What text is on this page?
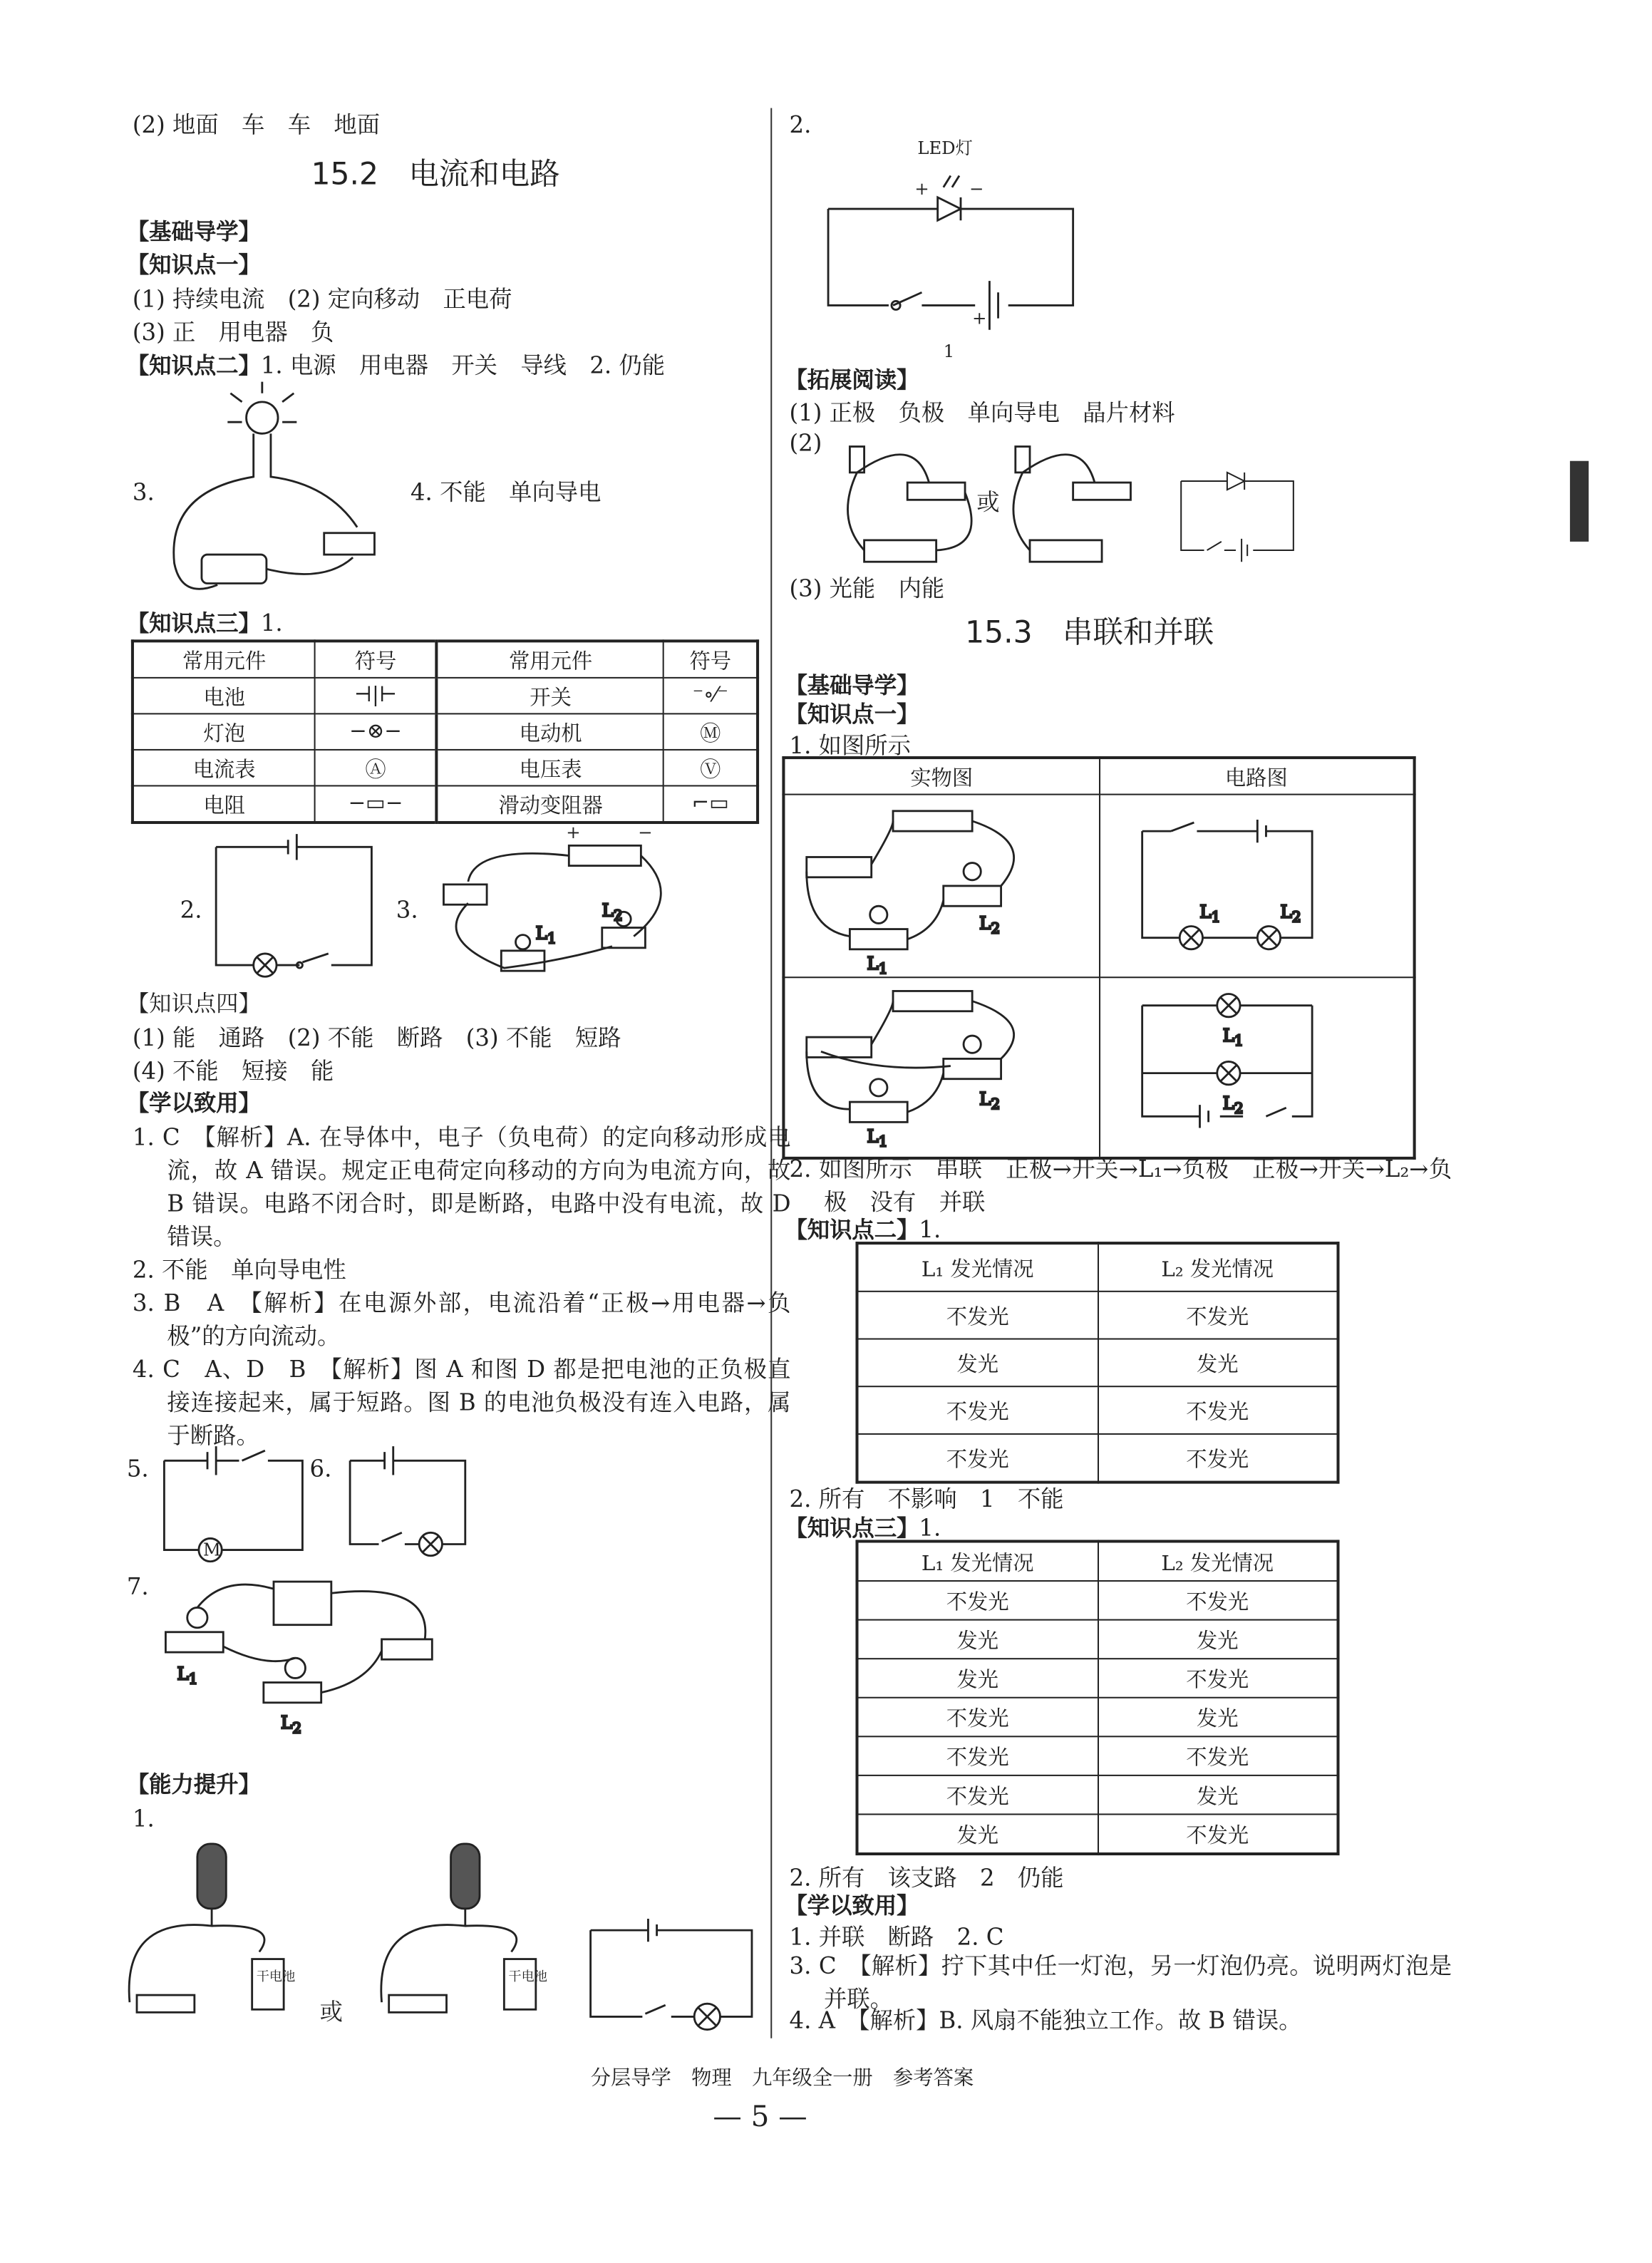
(2) 地面　车　车　地面
15.2　电流和电路
【基础导学】
【知识点一】
(1) 持续电流　(2) 定向移动　正电荷
(3) 正　用电器　负
【知识点二】1. 电源　用电器　开关　导线　2. 仍能
3.	4. 不能　单向导电
【知识点三】1.
常用元件	符号	常用元件	符号
电池	⊣|⊢	开关	⁻∘⁄⁻
灯泡	−⊗−	电动机	Ⓜ
电流表	Ⓐ	电压表	Ⓥ
电阻	−▭−	滑动变阻器	⌐▭
2.	3.
+	−
$L_1$
$L_2$
【知识点四】
(1) 能　通路　(2) 不能　断路　(3) 不能　短路
(4) 不能　短接　能
【学以致用】
1. C　【解析】A. 在导体中，电子（负电荷）的定向移动形成电流，故 A 错误。规定正电荷定向移动的方向为电流方向，故 B 错误。电路不闭合时，即是断路，电路中没有电流，故 D 错误。
2. 不能　单向导电性
3. B　A　【解析】在电源外部，电流沿着“正极→用电器→负极”的方向流动。
4. C　A、D　B　【解析】图 A 和图 D 都是把电池的正负极直接连接起来，属于短路。图 B 的电池负极没有连入电路，属于断路。
5.
M
6.
7.
$L_1$
$L_2$
【能力提升】
1.
干电池	干电池
或
2.
LED灯
+	−
+
1
【拓展阅读】
(1) 正极　负极　单向导电　晶片材料
(2)
或
(3) 光能　内能
15.3　串联和并联
【基础导学】
【知识点一】
1. 如图所示
实物图	电路图

$L_1$
$L_2$
$L_1$
$L_2$
$L_1$	$L_2$
$L_1$
$L_2$
2. 如图所示　串联　正极→开关→L₁→负极　正极→开关→L₂→负极　没有　并联
【知识点二】1.
L₁ 发光情况	L₂ 发光情况
不发光	不发光
发光	发光
不发光	不发光
不发光	不发光
2. 所有　不影响　1　不能
【知识点三】1.
L₁ 发光情况	L₂ 发光情况
不发光	不发光
发光	发光
发光	不发光
不发光	发光
不发光	不发光
不发光	发光
发光	不发光
2. 所有　该支路　2　仍能
【学以致用】
1. 并联　断路　2. C
3. C　【解析】拧下其中任一灯泡，另一灯泡仍亮。说明两灯泡是并联。
4. A　【解析】B. 风扇不能独立工作。故 B 错误。
分层导学　物理　九年级全一册　参考答案
— 5 —
